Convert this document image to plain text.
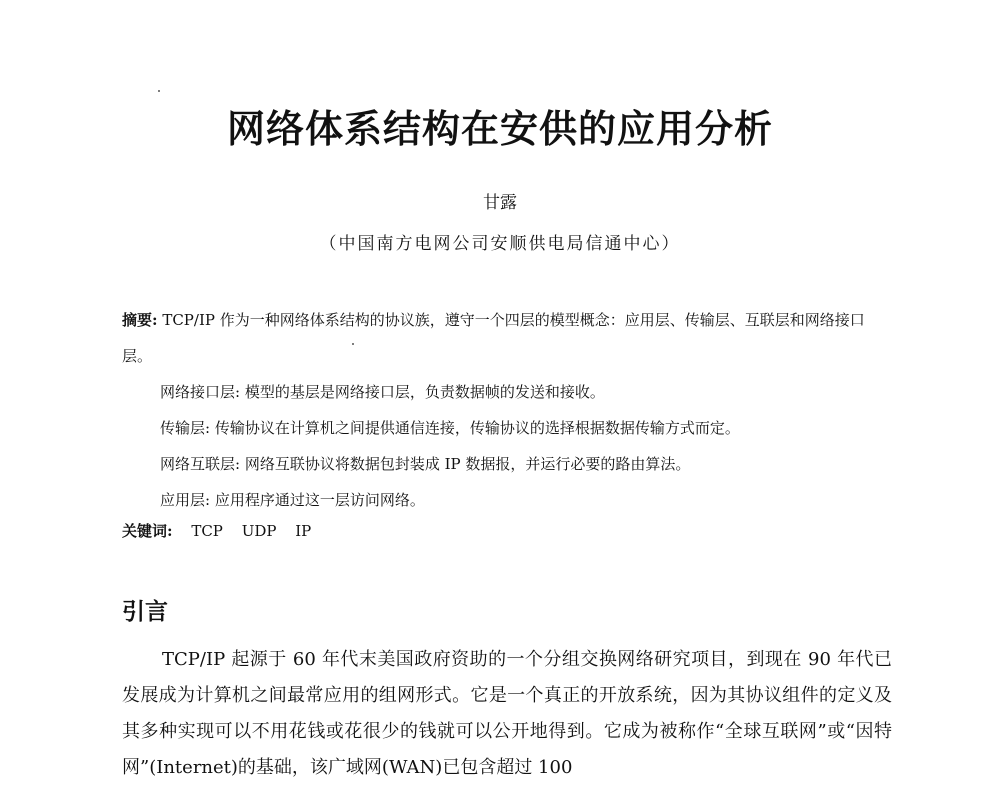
网络体系结构在安供的应用分析
甘露
（中国南方电网公司安顺供电局信通中心）

摘要: TCP/IP 作为一种网络体系结构的协议族，遵守一个四层的模型概念：应用层、传输层、互联层和网络接口层。

网络接口层: 模型的基层是网络接口层，负责数据帧的发送和接收。

传输层: 传输协议在计算机之间提供通信连接，传输协议的选择根据数据传输方式而定。

网络互联层: 网络互联协议将数据包封装成 IP 数据报，并运行必要的路由算法。

应用层: 应用程序通过这一层访问网络。

关键词: TCP UDP IP
引言

TCP/IP 起源于 60 年代末美国政府资助的一个分组交换网络研究项目，到现在 90 年代已发展成为计算机之间最常应用的组网形式。它是一个真正的开放系统，因为其协议组件的定义及其多种实现可以不用花钱或花很少的钱就可以公开地得到。它成为被称作“全球互联网”或“因特网”(Internet)的基础，该广域网(WAN)已包含超过 100
